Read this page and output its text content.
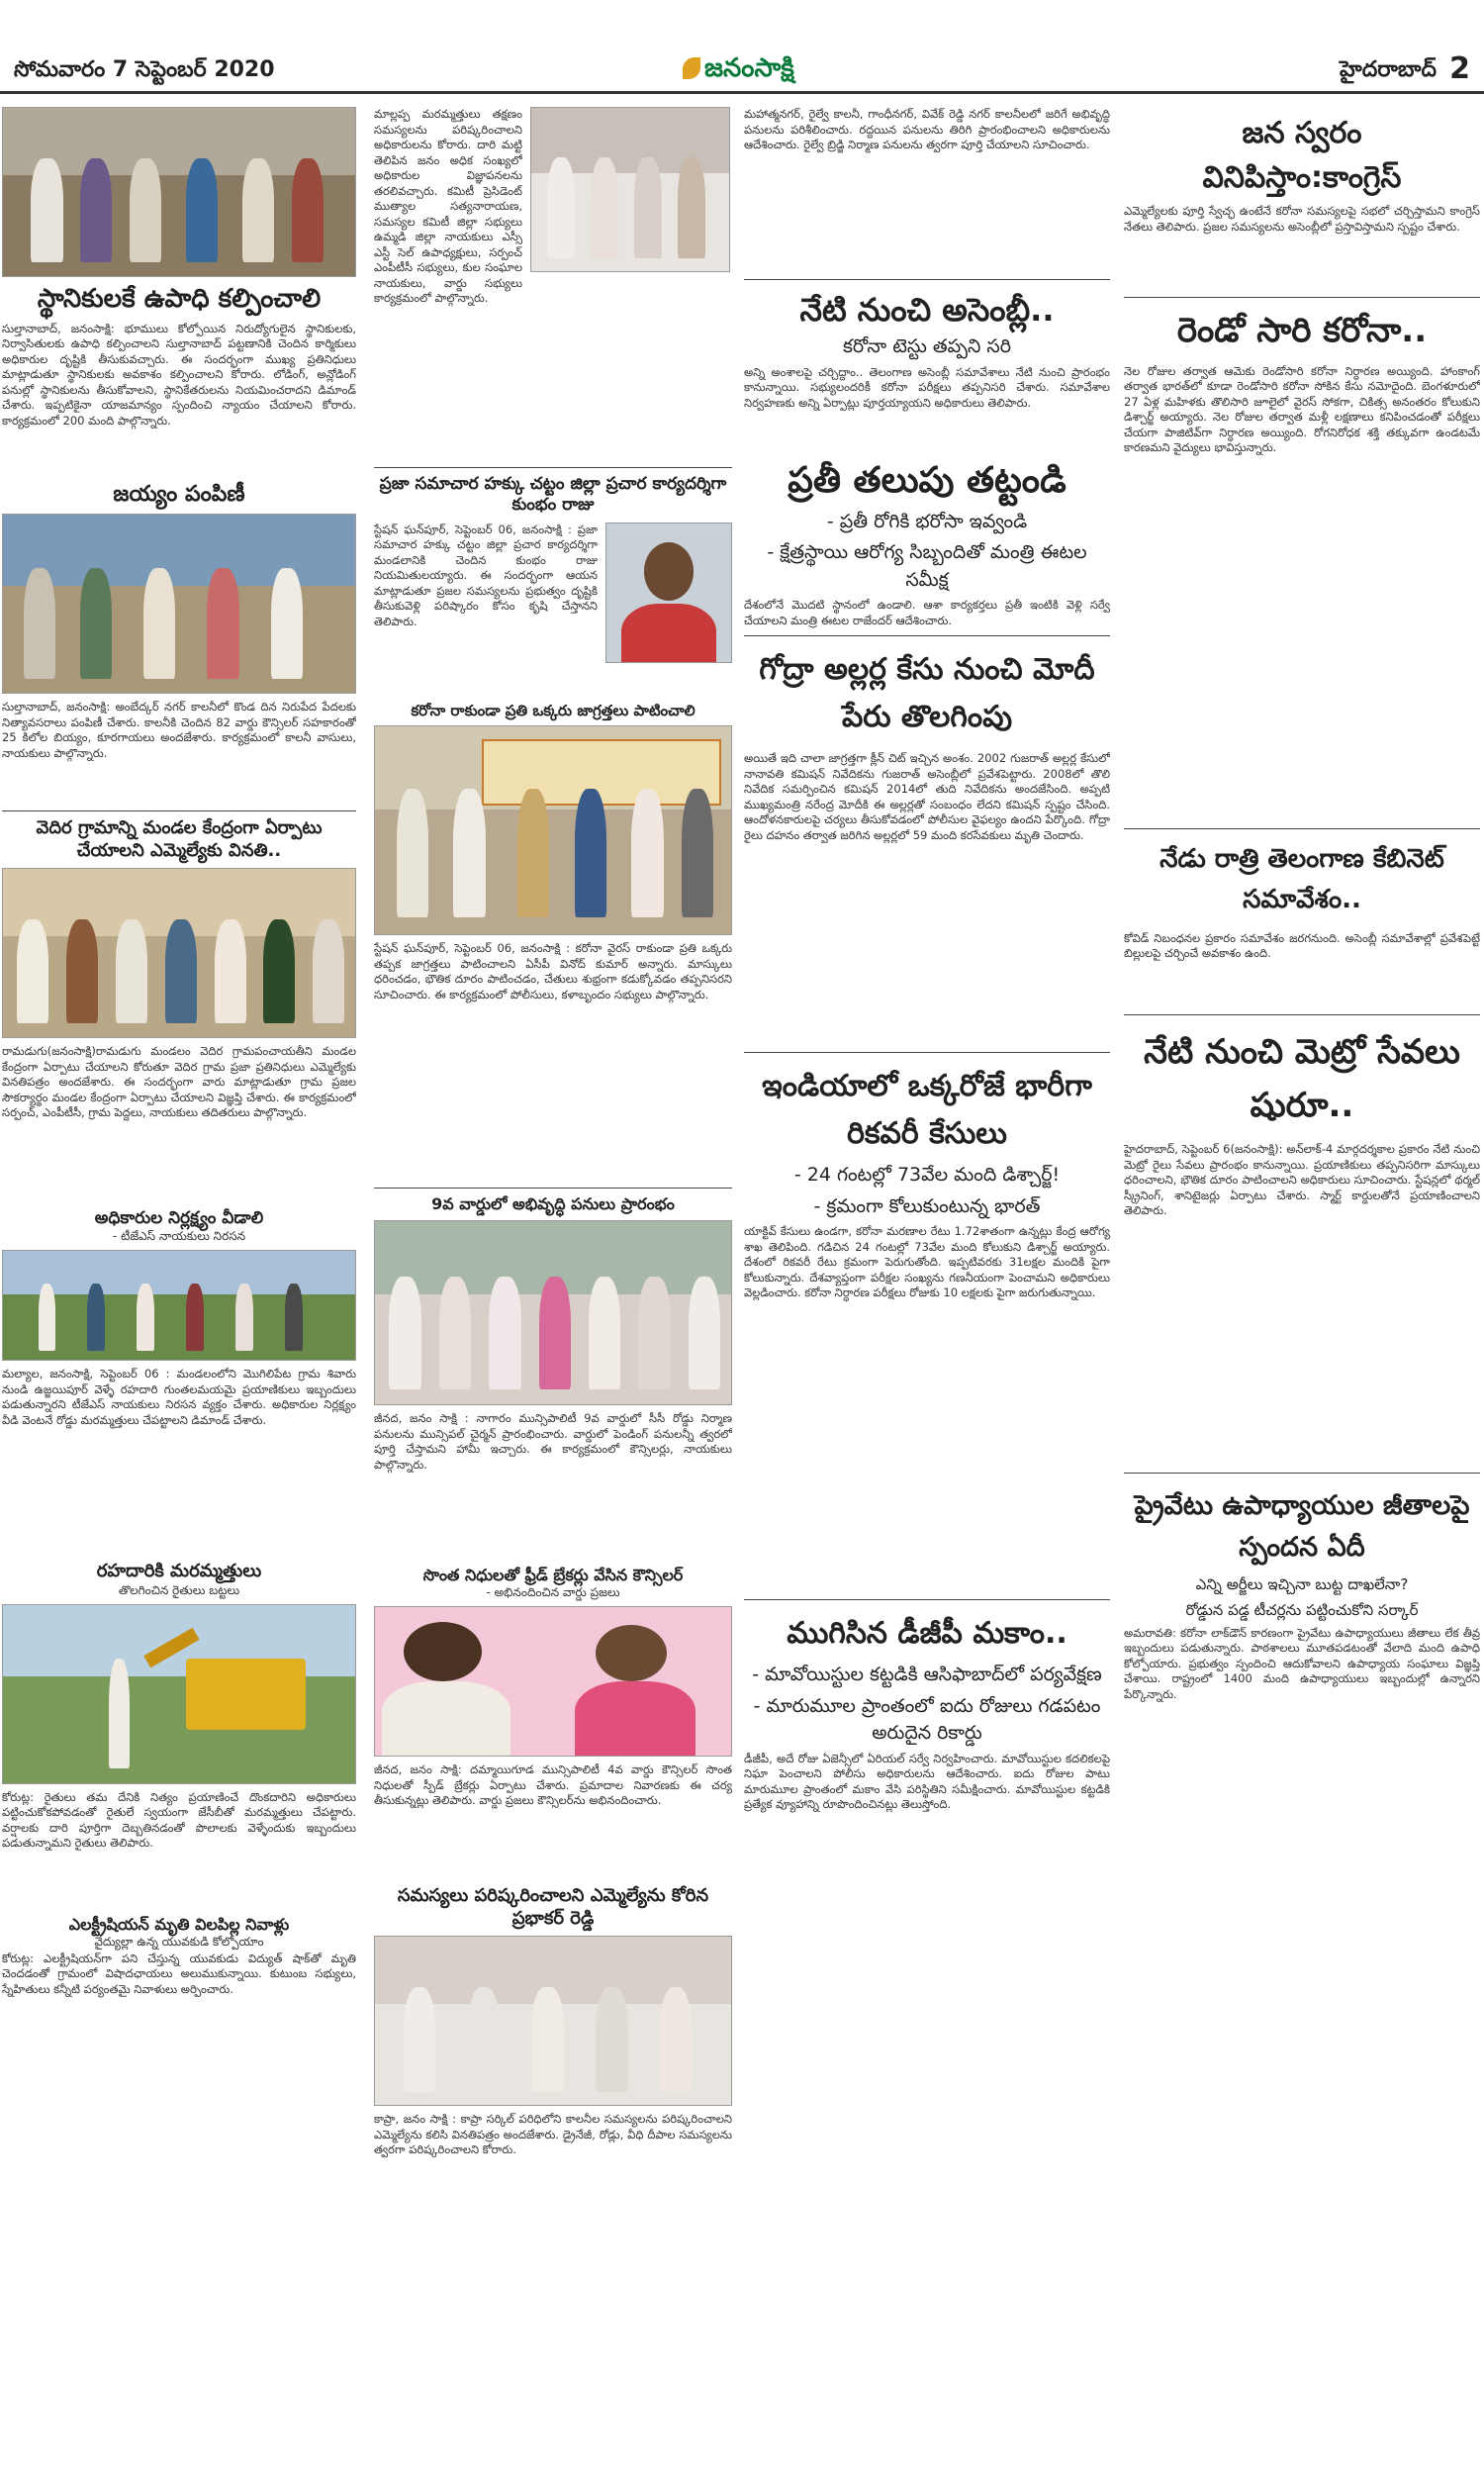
సోమవారం 7 సెప్టెంబర్ 2020	జనంసాక్షి	హైదరాబాద్ 2
స్థానికులకే ఉపాధి కల్పించాలి
సుల్తానాబాద్, జనంసాక్షి: భూములు కోల్పోయిన నిరుద్యోగులైన స్థానికులకు, నిర్వాసితులకు ఉపాధి కల్పించాలని సుల్తానాబాద్ పట్టణానికి చెందిన కార్మికులు అధికారుల దృష్టికి తీసుకువచ్చారు. ఈ సందర్భంగా ముఖ్య ప్రతినిధులు మాట్లాడుతూ స్థానికులకు అవకాశం కల్పించాలని కోరారు. లోడింగ్, అన్లోడింగ్ పనుల్లో స్థానికులను తీసుకోవాలని, స్థానికేతరులను నియమించరాదని డిమాండ్ చేశారు. ఇప్పటికైనా యాజమాన్యం స్పందించి న్యాయం చేయాలని కోరారు. కార్యక్రమంలో 200 మంది పాల్గొన్నారు.
జయ్యం పంపిణీ
సుల్తానాబాద్, జనంసాక్షి: అంబేద్కర్ నగర్ కాలనీలో కొండ దిన నిరుపేద పేదలకు నిత్యావసరాలు పంపిణీ చేశారు. కాలనీకి చెందిన 82 వార్డు కౌన్సిలర్ సహకారంతో 25 కిలోల బియ్యం, కూరగాయలు అందజేశారు. కార్యక్రమంలో కాలనీ వాసులు, నాయకులు పాల్గొన్నారు.
వెదిర గ్రామాన్ని మండల కేంద్రంగా ఏర్పాటు చేయాలని ఎమ్మెల్యేకు వినతి..
రామడుగు(జనంసాక్షి)రామడుగు మండలం వెదిర గ్రామపంచాయతీని మండల కేంద్రంగా ఏర్పాటు చేయాలని కోరుతూ వెదిర గ్రామ ప్రజా ప్రతినిధులు ఎమ్మెల్యేకు వినతిపత్రం అందజేశారు. ఈ సందర్భంగా వారు మాట్లాడుతూ గ్రామ ప్రజల సౌకర్యార్థం మండల కేంద్రంగా ఏర్పాటు చేయాలని విజ్ఞప్తి చేశారు. ఈ కార్యక్రమంలో సర్పంచ్, ఎంపీటీసీ, గ్రామ పెద్దలు, నాయకులు తదితరులు పాల్గొన్నారు.
అధికారుల నిర్లక్ష్యం వీడాలి
- టీజేఎస్ నాయకులు నిరసన
మల్యాల, జనంసాక్షి, సెప్టెంబర్ 06 : మండలంలోని మొగిలిపేట గ్రామ శివారు నుండి ఉజ్జయిపూర్ వెళ్ళే రహదారి గుంతలమయమై ప్రయాణికులు ఇబ్బందులు పడుతున్నారని టీజేఎస్ నాయకులు నిరసన వ్యక్తం చేశారు. అధికారుల నిర్లక్ష్యం వీడి వెంటనే రోడ్డు మరమ్మత్తులు చేపట్టాలని డిమాండ్ చేశారు.
రహదారికి మరమ్మత్తులు
తొలగించిన రైతులు బట్టలు
కోరుట్ల: రైతులు తమ దేనికి నిత్యం ప్రయాణించే దొంకదారిని అధికారులు పట్టించుకోకపోవడంతో రైతులే స్వయంగా జేసీబీతో మరమ్మత్తులు చేపట్టారు. వర్షాలకు దారి పూర్తిగా దెబ్బతినడంతో పొలాలకు వెళ్ళేందుకు ఇబ్బందులు పడుతున్నామని రైతులు తెలిపారు.
ఎలక్ట్రీషియన్ మృతి విలపిల్ల నివాళ్లు
వైద్యుల్లా ఉన్న యువకుడి కోల్పోయాం
కోరుట్ల: ఎలక్ట్రీషియన్‌గా పని చేస్తున్న యువకుడు విద్యుత్ షాక్‌తో మృతి చెందడంతో గ్రామంలో విషాదఛాయలు అలుముకున్నాయి. కుటుంబ సభ్యులు, స్నేహితులు కన్నీటి పర్యంతమై నివాళులు అర్పించారు.
మాల్లప్ప మరమ్మత్తులు తక్షణం సమస్యలను పరిష్కరించాలని అధికారులను కోరారు. దారి మట్టి తెలిపిన జనం అధిక సంఖ్యలో అధికారుల విజ్ఞాపనలను తరలివచ్చారు. కమిటీ ప్రెసిడెంట్ ముత్యాల సత్యనారాయణ, సమస్యల కమిటీ జిల్లా సభ్యులు ఉమ్మడి జిల్లా నాయకులు ఎస్సీ ఎస్టీ సెల్ ఉపాధ్యక్షులు, సర్పంచ్ ఎంపీటీసీ సభ్యులు, కుల సంఘాల నాయకులు, వార్డు సభ్యులు కార్యక్రమంలో పాల్గొన్నారు.
ప్రజా సమాచార హక్కు చట్టం జిల్లా ప్రచార కార్యదర్శిగా కుంభం రాజు
స్టేషన్ ఘన్‌పూర్, సెప్టెంబర్ 06, జనంసాక్షి : ప్రజా సమాచార హక్కు చట్టం జిల్లా ప్రచార కార్యదర్శిగా మండలానికి చెందిన కుంభం రాజు నియమితులయ్యారు. ఈ సందర్భంగా ఆయన మాట్లాడుతూ ప్రజల సమస్యలను ప్రభుత్వం దృష్టికి తీసుకువెళ్లి పరిష్కారం కోసం కృషి చేస్తానని తెలిపారు.
కరోనా రాకుండా ప్రతి ఒక్కరు జాగ్రత్తలు పాటించాలి
స్టేషన్ ఘన్‌పూర్, సెప్టెంబర్ 06, జనంసాక్షి : కరోనా వైరస్ రాకుండా ప్రతి ఒక్కరు తప్పక జాగ్రత్తలు పాటించాలని ఏసీపీ వినోద్ కుమార్ అన్నారు. మాస్కులు ధరించడం, భౌతిక దూరం పాటించడం, చేతులు శుభ్రంగా కడుక్కోవడం తప్పనిసరని సూచించారు. ఈ కార్యక్రమంలో పోలీసులు, కళాబృందం సభ్యులు పాల్గొన్నారు.
9వ వార్డులో అభివృద్ధి పనులు ప్రారంభం
జీనద, జనం సాక్షి : నాగారం మున్సిపాలిటీ 9వ వార్డులో సీసీ రోడ్డు నిర్మాణ పనులను మున్సిపల్ చైర్మన్ ప్రారంభించారు. వార్డులో పెండింగ్ పనులన్నీ త్వరలో పూర్తి చేస్తామని హామీ ఇచ్చారు. ఈ కార్యక్రమంలో కౌన్సిలర్లు, నాయకులు పాల్గొన్నారు.
సొంత నిధులతో ఫ్రీడ్ బ్రేకర్లు వేసిన కౌన్సిలర్
- అభినందించిన వార్డు ప్రజలు
జీనద, జనం సాక్షి: దమ్మాయిగూడ మున్సిపాలిటీ 4వ వార్డు కౌన్సిలర్ సొంత నిధులతో స్పీడ్ బ్రేకర్లు ఏర్పాటు చేశారు. ప్రమాదాల నివారణకు ఈ చర్య తీసుకున్నట్లు తెలిపారు. వార్డు ప్రజలు కౌన్సిలర్‌ను అభినందించారు.
సమస్యలు పరిష్కరించాలని ఎమ్మెల్యేను కోరిన ప్రభాకర్ రెడ్డి
కాప్రా, జనం సాక్షి : కాప్రా సర్కిల్ పరిధిలోని కాలనీల సమస్యలను పరిష్కరించాలని ఎమ్మెల్యేను కలిసి వినతిపత్రం అందజేశారు. డ్రైనేజీ, రోడ్లు, వీధి దీపాల సమస్యలను త్వరగా పరిష్కరించాలని కోరారు.
మహాత్మనగర్, రైల్వే కాలనీ, గాంధీనగర్, వివేక్ రెడ్డి నగర్ కాలనీలలో జరిగే అభివృద్ధి పనులను పరిశీలించారు. రద్దయిన పనులను తిరిగి ప్రారంభించాలని అధికారులను ఆదేశించారు. రైల్వే బ్రిడ్జి నిర్మాణ పనులను త్వరగా పూర్తి చేయాలని సూచించారు.
నేటి నుంచి అసెంబ్లీ..
కరోనా టెస్టు తప్పని సరి
అన్ని అంశాలపై చర్చిద్దాం.. తెలంగాణ అసెంబ్లీ సమావేశాలు నేటి నుంచి ప్రారంభం కానున్నాయి. సభ్యులందరికీ కరోనా పరీక్షలు తప్పనిసరి చేశారు. సమావేశాల నిర్వహణకు అన్ని ఏర్పాట్లు పూర్తయ్యాయని అధికారులు తెలిపారు.
ప్రతీ తలుపు తట్టండి
- ప్రతీ రోగికి భరోసా ఇవ్వండి
- క్షేత్రస్థాయి ఆరోగ్య సిబ్బందితో మంత్రి ఈటల సమీక్ష
దేశంలోనే మొదటి స్థానంలో ఉండాలి. ఆశా కార్యకర్తలు ప్రతీ ఇంటికి వెళ్లి సర్వే చేయాలని మంత్రి ఈటల రాజేందర్ ఆదేశించారు.
గోద్రా అల్లర్ల కేసు నుంచి మోదీ పేరు తొలగింపు
అయితే ఇది చాలా జాగ్రత్తగా క్లీన్ చిట్ ఇచ్చిన అంశం. 2002 గుజరాత్ అల్లర్ల కేసులో నానావతి కమిషన్ నివేదికను గుజరాత్ అసెంబ్లీలో ప్రవేశపెట్టారు. 2008లో తొలి నివేదిక సమర్పించిన కమిషన్ 2014లో తుది నివేదికను అందజేసింది. అప్పటి ముఖ్యమంత్రి నరేంద్ర మోదీకి ఈ అల్లర్లతో సంబంధం లేదని కమిషన్ స్పష్టం చేసింది. ఆందోళనకారులపై చర్యలు తీసుకోవడంలో పోలీసుల వైఫల్యం ఉందని పేర్కొంది. గోద్రా రైలు దహనం తర్వాత జరిగిన అల్లర్లలో 59 మంది కరసేవకులు మృతి చెందారు.
ఇండియాలో ఒక్కరోజే భారీగా రికవరీ కేసులు
- 24 గంటల్లో 73వేల మంది డిశ్చార్జ్!
- క్రమంగా కోలుకుంటున్న భారత్
యాక్టివ్ కేసులు ఉండగా, కరోనా మరణాల రేటు 1.72శాతంగా ఉన్నట్లు కేంద్ర ఆరోగ్య శాఖ తెలిపింది. గడిచిన 24 గంటల్లో 73వేల మంది కోలుకుని డిశ్చార్జ్ అయ్యారు. దేశంలో రికవరీ రేటు క్రమంగా పెరుగుతోంది. ఇప్పటివరకు 31లక్షల మందికి పైగా కోలుకున్నారు. దేశవ్యాప్తంగా పరీక్షల సంఖ్యను గణనీయంగా పెంచామని అధికారులు వెల్లడించారు. కరోనా నిర్ధారణ పరీక్షలు రోజుకు 10 లక్షలకు పైగా జరుగుతున్నాయి.
ముగిసిన డీజీపీ మకాం..
- మావోయిస్టుల కట్టడికి ఆసిఫాబాద్‌లో పర్యవేక్షణ
- మారుమూల ప్రాంతంలో ఐదు రోజులు గడపటం అరుదైన రికార్డు
డీజీపీ, అదే రోజు ఏజెన్సీలో ఏరియల్ సర్వే నిర్వహించారు. మావోయిస్టుల కదలికలపై నిఘా పెంచాలని పోలీసు అధికారులను ఆదేశించారు. ఐదు రోజుల పాటు మారుమూల ప్రాంతంలో మకాం వేసి పరిస్థితిని సమీక్షించారు. మావోయిస్టుల కట్టడికి ప్రత్యేక వ్యూహాన్ని రూపొందించినట్లు తెలుస్తోంది.
జన స్వరం వినిపిస్తాం:కాంగ్రెస్
ఎమ్మెల్యేలకు పూర్తి స్వేచ్ఛ ఉంటేనే కరోనా సమస్యలపై సభలో చర్చిస్తామని కాంగ్రెస్ నేతలు తెలిపారు. ప్రజల సమస్యలను అసెంబ్లీలో ప్రస్తావిస్తామని స్పష్టం చేశారు.
రెండో సారి కరోనా..
నెల రోజుల తర్వాత ఆమెకు రెండోసారి కరోనా నిర్ధారణ అయ్యింది. హాంకాంగ్ తర్వాత భారత్‌లో కూడా రెండోసారి కరోనా సోకిన కేసు నమోదైంది. బెంగళూరులో 27 ఏళ్ల మహిళకు తొలిసారి జూలైలో వైరస్ సోకగా, చికిత్స అనంతరం కోలుకుని డిశ్చార్జ్ అయ్యారు. నెల రోజుల తర్వాత మళ్లీ లక్షణాలు కనిపించడంతో పరీక్షలు చేయగా పాజిటివ్‌గా నిర్ధారణ అయ్యింది. రోగనిరోధక శక్తి తక్కువగా ఉండటమే కారణమని వైద్యులు భావిస్తున్నారు.
నేడు రాత్రి తెలంగాణ కేబినెట్ సమావేశం..
కోవిడ్ నిబంధనల ప్రకారం సమావేశం జరగనుంది. అసెంబ్లీ సమావేశాల్లో ప్రవేశపెట్టే బిల్లులపై చర్చించే అవకాశం ఉంది.
నేటి నుంచి మెట్రో సేవలు షురూ..
హైదరాబాద్, సెప్టెంబర్ 6(జనంసాక్షి): అన్‌లాక్-4 మార్గదర్శకాల ప్రకారం నేటి నుంచి మెట్రో రైలు సేవలు ప్రారంభం కానున్నాయి. ప్రయాణికులు తప్పనిసరిగా మాస్కులు ధరించాలని, భౌతిక దూరం పాటించాలని అధికారులు సూచించారు. స్టేషన్లలో థర్మల్ స్క్రీనింగ్, శానిటైజర్లు ఏర్పాటు చేశారు. స్మార్ట్ కార్డులతోనే ప్రయాణించాలని తెలిపారు.
ప్రైవేటు ఉపాధ్యాయుల జీతాలపై స్పందన ఏదీ
ఎన్ని అర్జీలు ఇచ్చినా బుట్ట దాఖలేనా?
రోడ్డున పడ్డ టీచర్లను పట్టించుకోని సర్కార్
అమరావతి: కరోనా లాక్‌డౌన్ కారణంగా ప్రైవేటు ఉపాధ్యాయులు జీతాలు లేక తీవ్ర ఇబ్బందులు పడుతున్నారు. పాఠశాలలు మూతపడటంతో వేలాది మంది ఉపాధి కోల్పోయారు. ప్రభుత్వం స్పందించి ఆదుకోవాలని ఉపాధ్యాయ సంఘాలు విజ్ఞప్తి చేశాయి. రాష్ట్రంలో 1400 మంది ఉపాధ్యాయులు ఇబ్బందుల్లో ఉన్నారని పేర్కొన్నారు.
